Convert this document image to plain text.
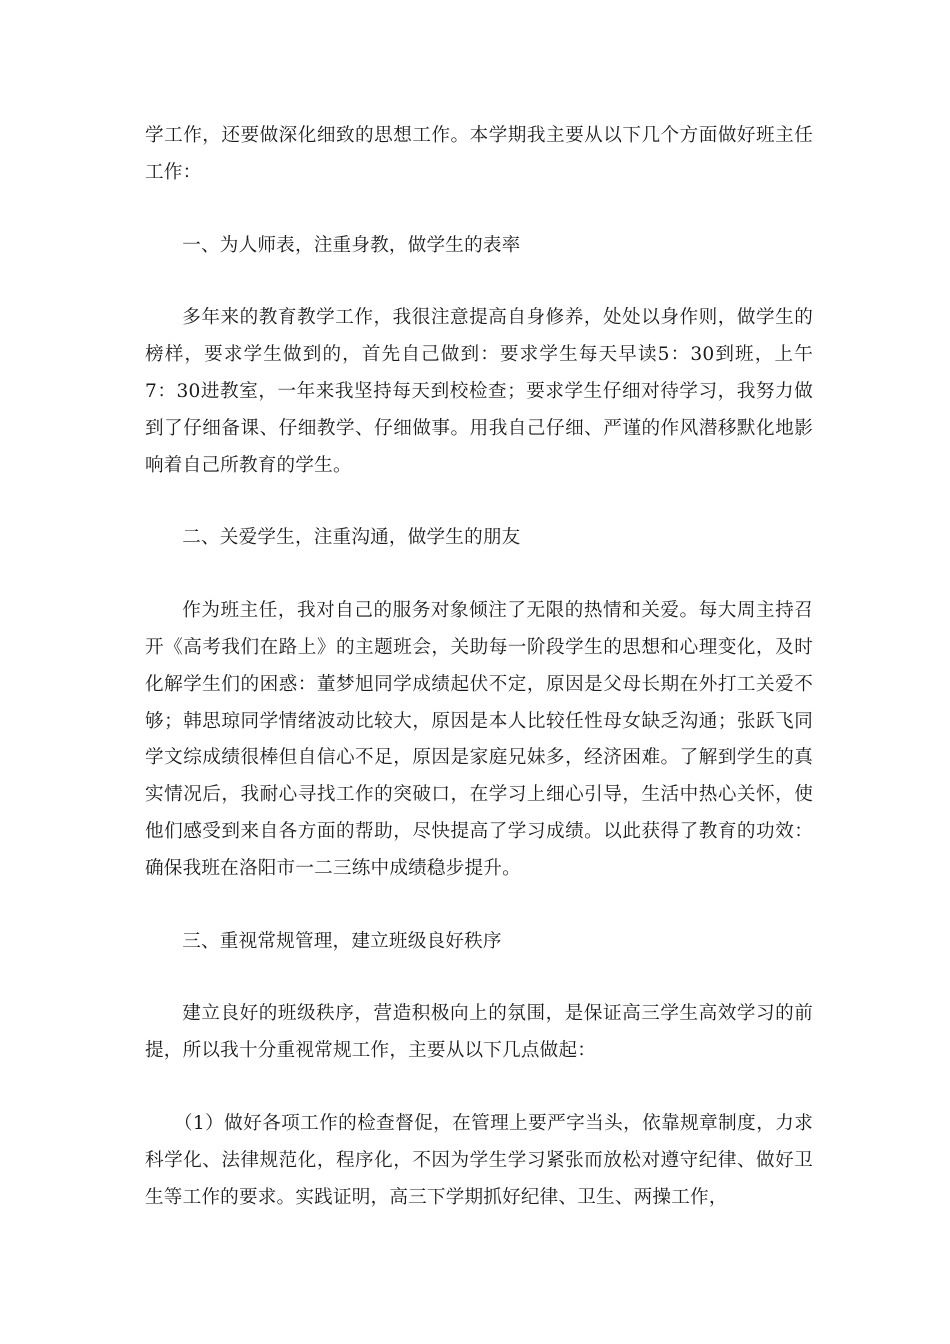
学工作，还要做深化细致的思想工作。本学期我主要从以下几个方面做好班主任工作：

一、为人师表，注重身教，做学生的表率

多年来的教育教学工作，我很注意提高自身修养，处处以身作则，做学生的榜样，要求学生做到的，首先自己做到：要求学生每天早读5：30到班，上午7：30进教室，一年来我坚持每天到校检查；要求学生仔细对待学习，我努力做到了仔细备课、仔细教学、仔细做事。用我自己仔细、严谨的作风潜移默化地影响着自己所教育的学生。

二、关爱学生，注重沟通，做学生的朋友

作为班主任，我对自己的服务对象倾注了无限的热情和关爱。每大周主持召开《高考我们在路上》的主题班会，关助每一阶段学生的思想和心理变化，及时化解学生们的困惑：董梦旭同学成绩起伏不定，原因是父母长期在外打工关爱不够；韩思琼同学情绪波动比较大，原因是本人比较任性母女缺乏沟通；张跃飞同学文综成绩很棒但自信心不足，原因是家庭兄妹多，经济困难。了解到学生的真实情况后，我耐心寻找工作的突破口，在学习上细心引导，生活中热心关怀，使他们感受到来自各方面的帮助，尽快提高了学习成绩。以此获得了教育的功效：确保我班在洛阳市一二三练中成绩稳步提升。

三、重视常规管理，建立班级良好秩序

建立良好的班级秩序，营造积极向上的氛围，是保证高三学生高效学习的前提，所以我十分重视常规工作，主要从以下几点做起：

（1）做好各项工作的检查督促，在管理上要严字当头，依靠规章制度，力求科学化、法律规范化，程序化，不因为学生学习紧张而放松对遵守纪律、做好卫生等工作的要求。实践证明，高三下学期抓好纪律、卫生、两操工作，
